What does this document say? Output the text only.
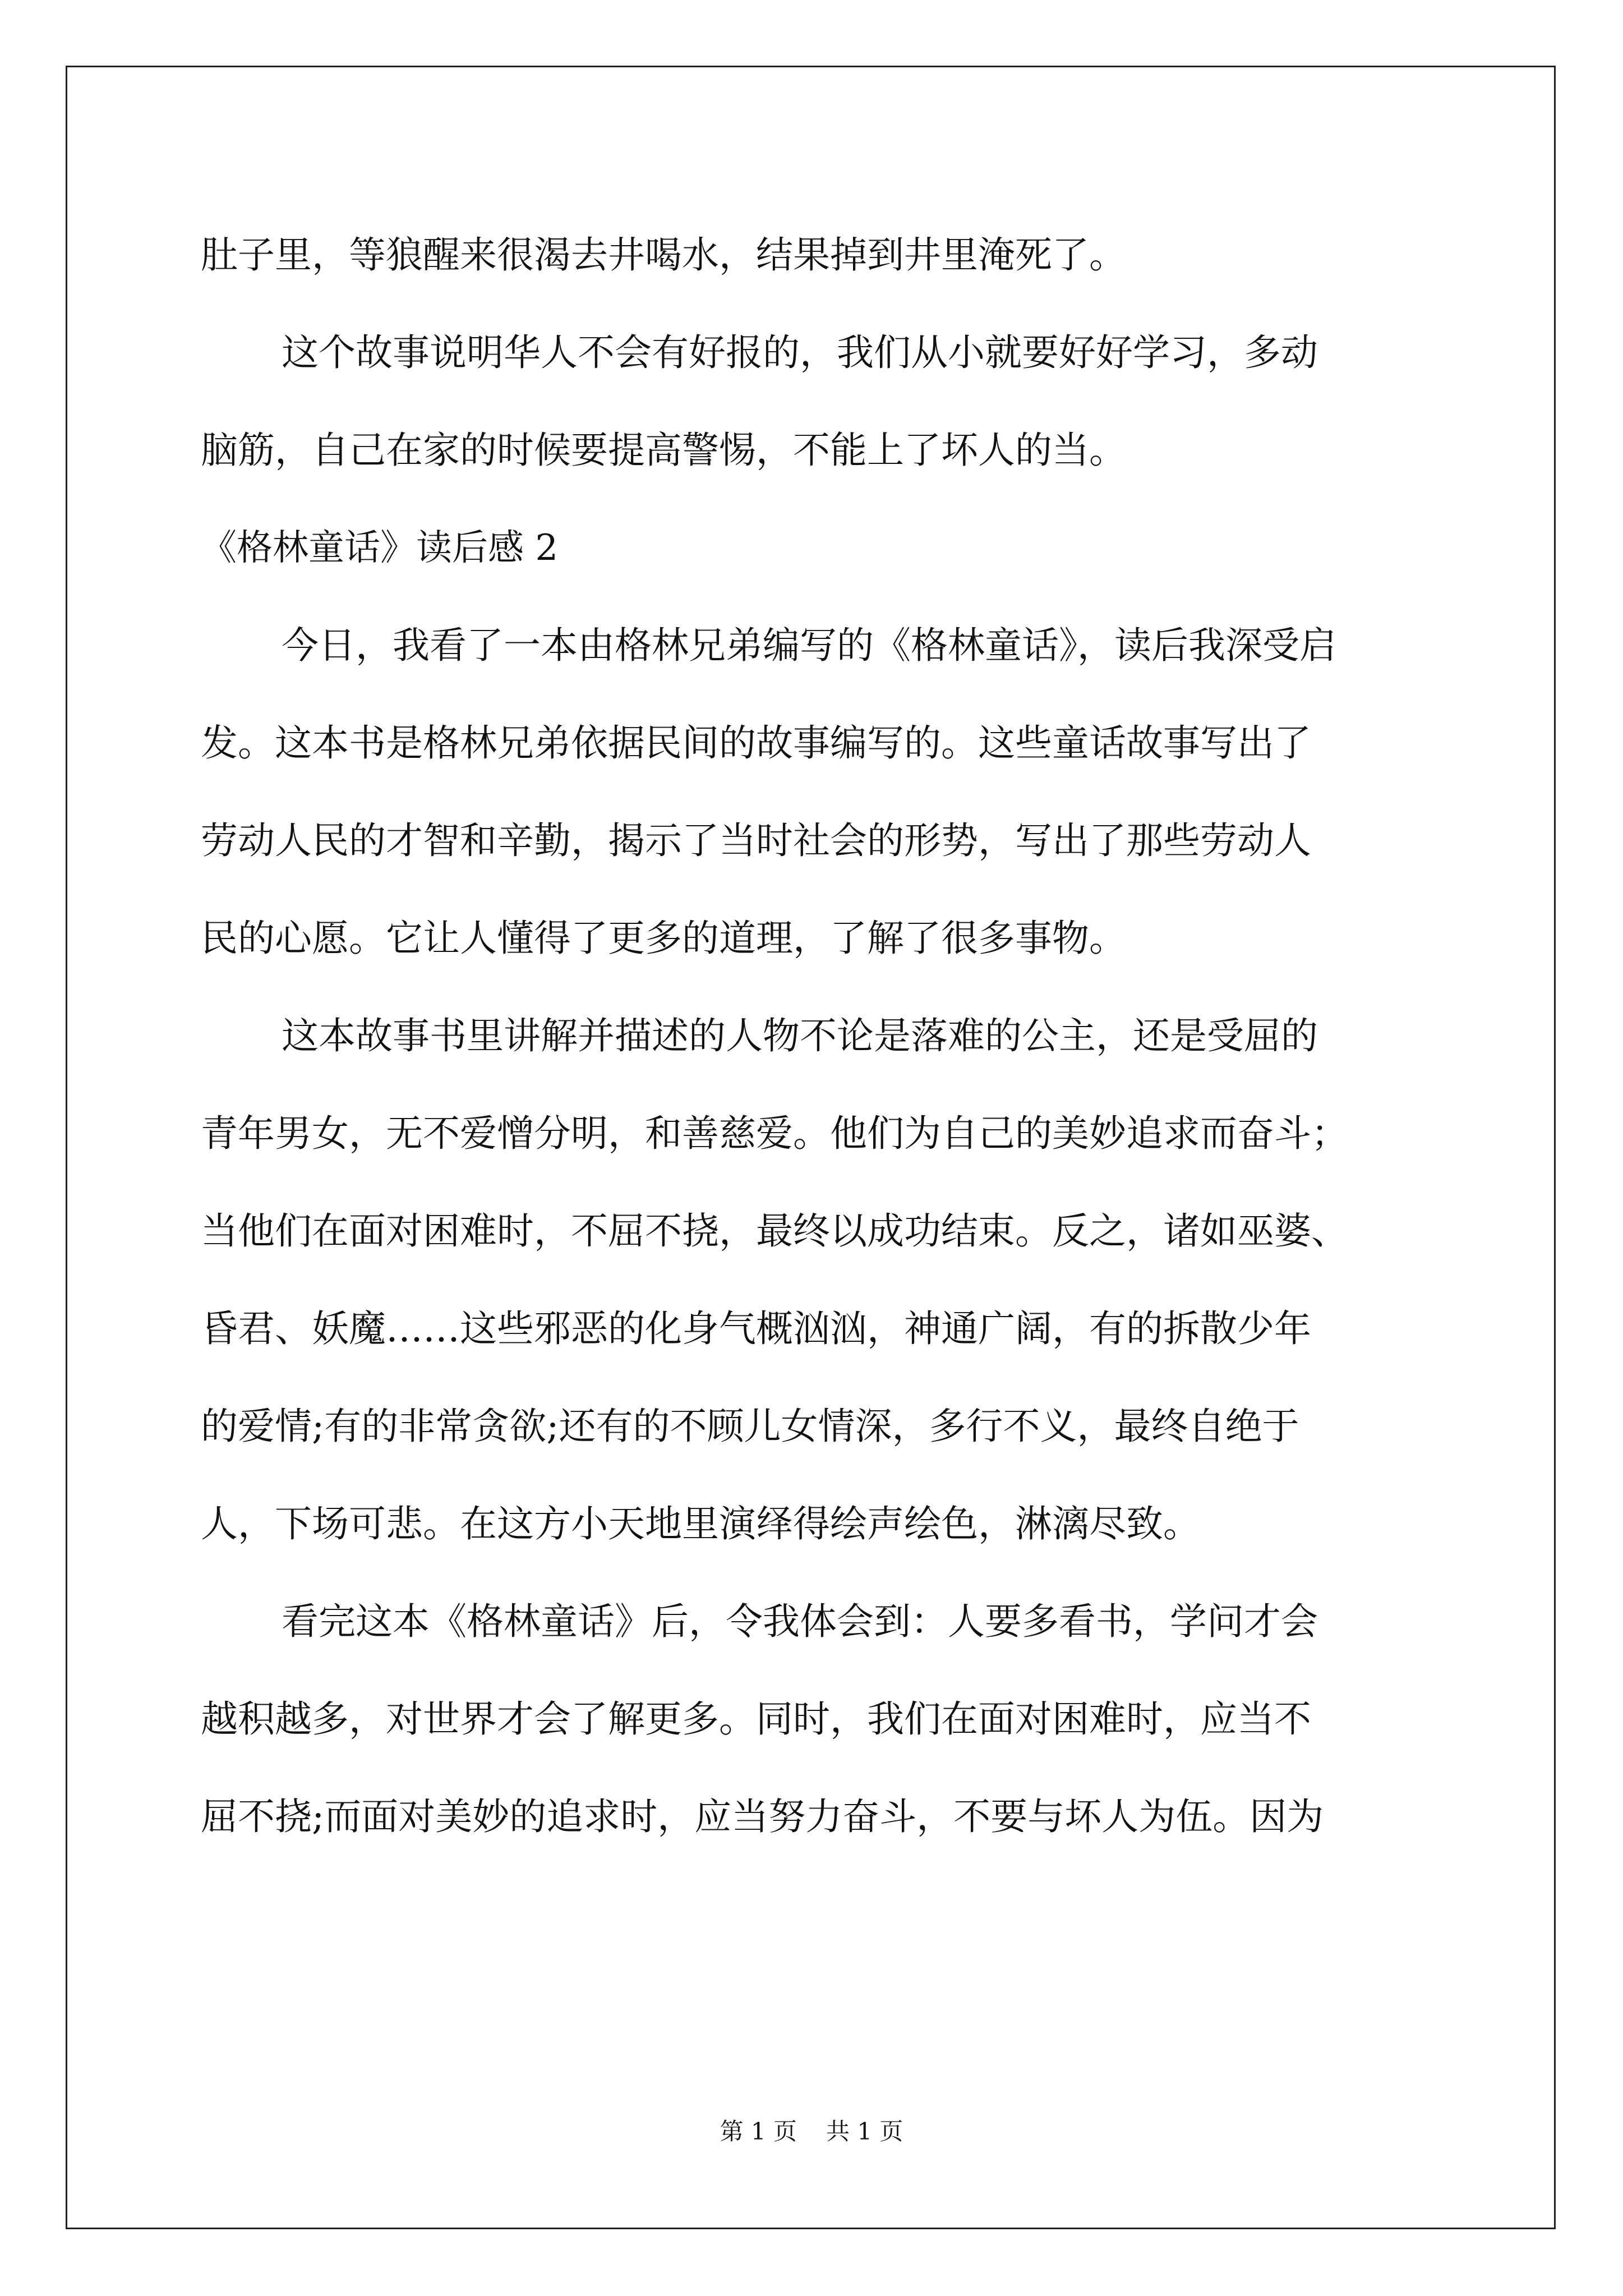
肚子里，等狼醒来很渴去井喝水，结果掉到井里淹死了。
这个故事说明华人不会有好报的，我们从小就要好好学习，多动
脑筋，自己在家的时候要提高警惕，不能上了坏人的当。
《格林童话》读后感 2
今日，我看了一本由格林兄弟编写的《格林童话》，读后我深受启
发。这本书是格林兄弟依据民间的故事编写的。这些童话故事写出了
劳动人民的才智和辛勤，揭示了当时社会的形势，写出了那些劳动人
民的心愿。它让人懂得了更多的道理，了解了很多事物。
这本故事书里讲解并描述的人物不论是落难的公主，还是受屈的
青年男女，无不爱憎分明，和善慈爱。他们为自己的美妙追求而奋斗；
当他们在面对困难时，不屈不挠，最终以成功结束。反之，诸如巫婆、
昏君、妖魔……这些邪恶的化身气概汹汹，神通广阔，有的拆散少年
的爱情;有的非常贪欲;还有的不顾儿女情深，多行不义，最终自绝于
人，下场可悲。在这方小天地里演绎得绘声绘色，淋漓尽致。
看完这本《格林童话》后，令我体会到：人要多看书，学问才会
越积越多，对世界才会了解更多。同时，我们在面对困难时，应当不
屈不挠;而面对美妙的追求时，应当努力奋斗，不要与坏人为伍。因为
第 1 页 共 1 页
